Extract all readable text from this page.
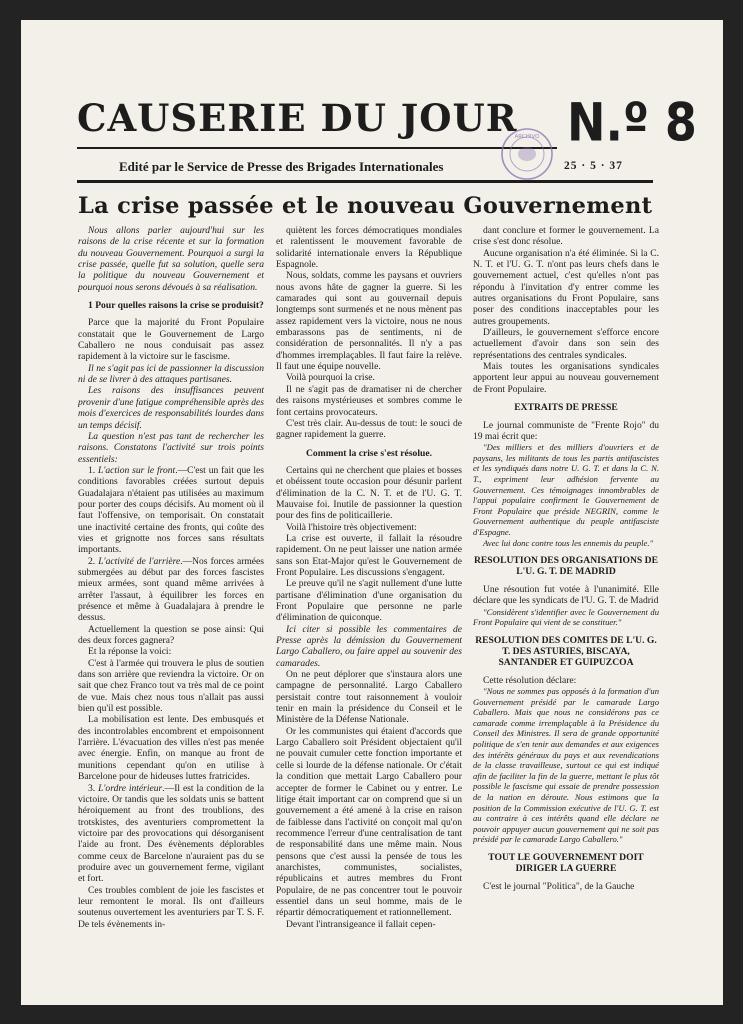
CAUSERIE DU JOUR N.º 8
Edité par le Service de Presse des Brigades Internationales	25 · 5 · 37
ARCHIVO
La crise passée et le nouveau Gouvernement

Nous allons parler aujourd'hui sur les raisons de la crise récente et sur la formation du nouveau Gouvernement. Pourquoi a surgi la crise passée, quelle fut sa solution, quelle sera la politique du nouveau Gouvernement et pourquoi nous serons dévoués à sa réalisation.

1 Pour quelles raisons la crise se produisit?

Parce que la majorité du Front Populaire constatait que le Gouvernement de Largo Caballero ne nous conduisait pas assez rapidement à la victoire sur le fascisme.

Il ne s'agit pas ici de passionner la discussion ni de se livrer à des attaques partisanes.

Les raisons des insuffisances peuvent provenir d'une fatigue compréhensible après des mois d'exercices de responsabilités lourdes dans un temps décisif.

La question n'est pas tant de rechercher les raisons. Constatons l'activité sur trois points essentiels:

1. L'action sur le front.—C'est un fait que les conditions favorables créées surtout depuis Guadalajara n'étaient pas utilisées au maximum pour porter des coups décisifs. Au moment où il faut l'offensive, on temporisait. On constatait une inactivité certaine des fronts, qui coûte des vies et grignotte nos forces sans résultats importants.

2. L'activité de l'arrière.—Nos forces armées submergées au début par des forces fascistes mieux armées, sont quand même arrivées à arrêter l'assaut, à équilibrer les forces en présence et même à Guadalajara à prendre le dessus.

Actuellement la question se pose ainsi: Qui des deux forces gagnera?

Et la réponse la voici:

C'est à l'armée qui trouvera le plus de soutien dans son arrière que reviendra la victoire. Or on sait que chez Franco tout va très mal de ce point de vue. Mais chez nous tous n'allait pas aussi bien qu'il est possible.

La mobilisation est lente. Des embusqués et des incontrolables encombrent et empoisonnent l'arrière. L'évacuation des villes n'est pas menée avec énergie. Enfin, on manque au front de munitions cependant qu'on en utilise à Barcelone pour de hideuses luttes fratricides.

3. L'ordre intérieur.—Il est la condition de la victoire. Or tandis que les soldats unis se battent héroiquement au front des troublions, des trotskistes, des aventuriers compromettent la victoire par des provocations qui désorganisent l'aide au front. Des évènements déplorables comme ceux de Barcelone n'auraient pas du se produire avec un gouvernement ferme, vigilant et fort.

Ces troubles comblent de joie les fascistes et leur remontent le moral. Ils ont d'ailleurs soutenus ouvertement les aventuriers par T. S. F. De tels évènements in-

quiètent les forces démocratiques mondiales et ralentissent le mouvement favorable de solidarité internationale envers la République Espagnole.

Nous, soldats, comme les paysans et ouvriers nous avons hâte de gagner la guerre. Si les camarades qui sont au gouvernail depuis longtemps sont surmenés et ne nous mènent pas assez rapidement vers la victoire, nous ne nous embarassons pas de sentiments, ni de considération de personnalités. Il n'y a pas d'hommes irremplaçables. Il faut faire la relève. Il faut une équipe nouvelle.

Voilà pourquoi la crise.

Il ne s'agit pas de dramatiser ni de chercher des raisons mystérieuses et sombres comme le font certains provocateurs.

C'est très clair. Au-dessus de tout: le souci de gagner rapidement la guerre.

Comment la crise s'est résolue.

Certains qui ne cherchent que plaies et bosses et obéissent toute occasion pour désunir parlent d'élimination de la C. N. T. et de l'U. G. T. Mauvaise foi. Inutile de passionner la question pour des fins de politicaillerie.

Voilà l'histoire très objectivement:

La crise est ouverte, il fallait la résoudre rapidement. On ne peut laisser une nation armée sans son Etat-Major qu'est le Gouvernement de Front Populaire. Les discussions s'engagent.

Le preuve qu'il ne s'agit nullement d'une lutte partisane d'élimination d'une organisation du Front Populaire que personne ne parle d'élimination de quiconque.

Ici citer si possible les commentaires de Presse après la démission du Gouvernement Largo Caballero, ou faire appel au souvenir des camarades.

On ne peut déplorer que s'instaura alors une campagne de personnalité. Largo Caballero persistait contre tout raisonnement à vouloir tenir en main la présidence du Conseil et le Ministère de la Défense Nationale.

Or les communistes qui étaient d'accords que Largo Caballero soit Président objectaient qu'il ne pouvait cumuler cette fonction importante et celle si lourde de la défense nationale. Or c'était la condition que mettait Largo Caballero pour accepter de former le Cabinet ou y entrer. Le litige était important car on comprend que si un gouvernement a été amené à la crise en raison de faiblesse dans l'activité on conçoit mal qu'on recommence l'erreur d'une centralisation de tant de responsabilité dans une même main. Nous pensons que c'est aussi la pensée de tous les anarchistes, communistes, socialistes, républicains et autres membres du Front Populaire, de ne pas concentrer tout le pouvoir essentiel dans un seul homme, mais de le répartir démocratiquement et rationnellement.

Devant l'intransigeance il fallait cepen-

dant conclure et former le gouvernement. La crise s'est donc résolue.

Aucune organisation n'a été éliminée. Si la C. N. T. et l'U. G. T. n'ont pas leurs chefs dans le gouvernement actuel, c'est qu'elles n'ont pas répondu à l'invitation d'y entrer comme les autres organisations du Front Populaire, sans poser des conditions inacceptables pour les autres groupements.

D'ailleurs, le gouvernement s'efforce encore actuellement d'avoir dans son sein des représentations des centrales syndicales.

Mais toutes les organisations syndicales apportent leur appui au nouveau gouvernement de Front Populaire.

EXTRAITS DE PRESSE

Le journal communiste de "Frente Rojo" du 19 mai écrit que:

"Des milliers et des milliers d'ouvriers et de paysans, les militants de tous les partis antifascistes et les syndiqués dans notre U. G. T. et dans la C. N. T., expriment leur adhésion fervente au Gouvernement. Ces témoignages innombrables de l'appui populaire confirment le Gouvernement de Front Populaire que préside NEGRIN, comme le Gouvernement authentique du peuple antifasciste d'Espagne.

Avec lui donc contre tous les ennemis du peuple."

RESOLUTION DES ORGANISATIONS DE L'U. G. T. DE MADRID

Une résoution fut votée à l'unanimité. Elle déclare que les syndicats de l'U. G. T. de Madrid

"Considèrent s'identifier avec le Gouvernement du Front Populaire qui vient de se constituer."

RESOLUTION DES COMITES DE L'U. G. T. DES ASTURIES, BISCAYA, SANTANDER ET GUIPUZCOA

Cette résolution déclare:

"Nous ne sommes pas opposés à la formation d'un Gouvernement présidé par le camarade Largo Caballero. Mais que nous ne considérons pas ce camarade comme irremplaçable à la Présidence du Conseil des Ministres. Il sera de grande opportunité politique de s'en tenir aux demandes et aux exigences des intérêts généraux du pays et aux revendications de la classe travailleuse, surtout ce qui est indiqué afin de faciliter la fin de la guerre, mettant le plus tôt possible le fascisme qui essaie de prendre possession de la nation en déroute. Nous estimons que la position de la Commission exécutive de l'U. G. T. est au contraire à ces intérêts quand elle déclare ne pouvoir appuyer aucun gouvernement qui ne soit pas présidé par le camarade Largo Caballero."

TOUT LE GOUVERNEMENT DOIT DIRIGER LA GUERRE

C'est le journal "Politica", de la Gauche
